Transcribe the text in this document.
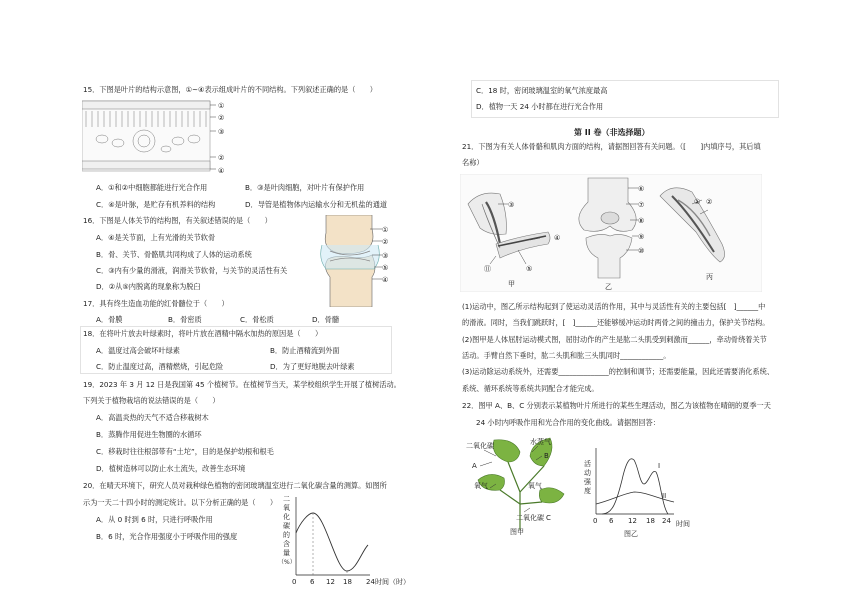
15．下图是叶片的结构示意图，①~④表示组成叶片的不同结构。下列叙述正确的是（　　）
①
②
③
②
④
A．①和②中细胞都能进行光合作用	B．③是叶肉细胞，对叶片有保护作用
C．④是叶脉，是贮存有机养料的结构	D．导管是植物体内运输水分和无机盐的通道
16．下图是人体关节的结构图，有关叙述错误的是（　　）
①
②
③
⑤
④
A．④是关节面，上有光滑的关节软骨
B．骨、关节、骨骼肌共同构成了人体的运动系统
C．③内有少量的滑液，润滑关节软骨，与关节的灵活性有关
D．②从⑤内脱离的现象称为脱臼
17．具有终生造血功能的红骨髓位于（　　）
A．骨膜	B．骨密质	C．骨松质	D．骨髓
18．在将叶片放去叶绿素时，将叶片放在酒精中隔水加热的原因是（　　）
A．温度过高会破坏叶绿素	B．防止酒精流到外面
C．防止温度过高，酒精燃烧，引起危险	D．为了更好地脱去叶绿素
19．2023 年 3 月 12 日是我国第 45 个植树节。在植树节当天，某学校组织学生开展了植树活动。
下列关于植物栽培的说法错误的是（　　）
A．高温炎热的天气不适合移栽树木
B．蒸腾作用促进生物圈的水循环
C．移栽时往往根部带有“土坨”，目的是保护幼根和根毛
D．植树造林可以防止水土流失，改善生态环境
20．在晴天环境下，研究人员对栽种绿色植物的密闭玻璃温室进行二氧化碳含量的测算。如图所
示为一天二十四小时的测定统计。以下分析正确的是（　　）
A．从 0 时到 6 时，只进行呼吸作用
B．6 时，光合作用强度小于呼吸作用的强度
二
氧
化
碳
的
含
量
（%）
0 6 12 18 24 时间（时）
C．18 时，密闭玻璃温室的氧气浓度最高
D．植物一天 24 小时都在进行光合作用
第 II 卷（非选择题）
21．下图为有关人体骨骼和肌肉方面的结构，请据图回答有关问题。（[　　]内填序号，其后填
名称）
③
④
⑪	⑤
甲
⑥
⑦
⑧
⑨
⑩
乙
① ②
丙
(1)运动中，图乙所示结构起到了使运动灵活的作用，其中与灵活性有关的主要包括[　]______中
的滑液。同时，当我们跳跃时，[　]______还能够缓冲运动时两骨之间的撞击力，保护关节结构。
(2)图甲是人体屈肘运动模式图，屈肘动作的产生是肱二头肌受到刺激而______，牵动骨绕着关节
活动。手臂自然下垂时，肱二头肌和肱三头肌同时____________。
(3)运动除运动系统外，还需要______________的控制和调节；还需要能量，因此还需要消化系统、
系统、循环系统等系统共同配合才能完成。
22．图甲 A、B、C 分别表示某植物叶片所进行的某些生理活动，图乙为该植物在晴朗的夏季一天
24 小时内呼吸作用和光合作用的变化曲线。请据图回答：
二氧化碳	水蒸气
A
B
氧气	氧气
二氧化碳 C
图甲
活
动
强
度
I
II
0 6 12 18 24 时间
图乙
